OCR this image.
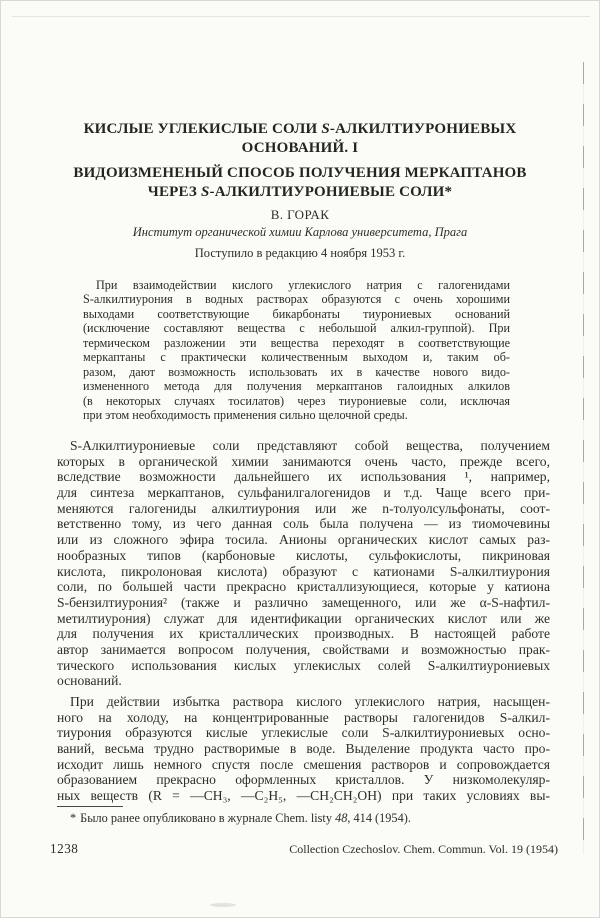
КИСЛЫЕ УГЛЕКИСЛЫЕ СОЛИ S-АЛКИЛТИУРОНИЕВЫХ
ОСНОВАНИЙ. I
ВИДОИЗМЕНЕНЫЙ СПОСОБ ПОЛУЧЕНИЯ МЕРКАПТАНОВ
ЧЕРЕЗ S-АЛКИЛТИУРОНИЕВЫЕ СОЛИ*
В. ГОРАК
Институт органической химии Карлова университета, Прага
Поступило в редакцию 4 ноября 1953 г.
При взаимодействии кислого углекислого натрия с галогенидами
S-алкилтиурония в водных растворах образуются с очень хорошими
выходами соответствующие бикарбонаты тиурониевых оснований
(исключение составляют вещества с небольшой алкил-группой). При
термическом разложении эти вещества переходят в соответствующие
меркаптаны с практически количественным выходом и, таким об-
разом, дают возможность использовать их в качестве нового видо-
измененного метода для получения меркаптанов галоидных алкилов
(в некоторых случаях тосилатов) через тиурониевые соли, исключая
при этом необходимость применения сильно щелочной среды.
S-Алкилтиурониевые соли представляют собой вещества, получением
которых в органической химии занимаются очень часто, прежде всего,
вследствие возможности дальнейшего их использования ¹, например,
для синтеза меркаптанов, сульфанилгалогенидов и т.д. Чаще всего при-
меняются галогениды алкилтиурония или же n-толуолсульфонаты, соот-
ветственно тому, из чего данная соль была получена — из тиомочевины
или из сложного эфира тосила. Анионы органических кислот самых раз-
нообразных типов (карбоновые кислоты, сульфокислоты, пикриновая
кислота, пикролоновая кислота) образуют с катионами S-алкилтиурония
соли, по большей части прекрасно кристаллизующиеся, которые у катиона
S-бензилтиурония² (также и различно замещенного, или же α-S-нафтил-
метилтиурония) служат для идентификации органических кислот или же
для получения их кристаллических производных. В настоящей работе
автор занимается вопросом получения, свойствами и возможностью прак-
тического использования кислых углекислых солей S-алкилтиурониевых
оснований.
При действии избытка раствора кислого углекислого натрия, насыщен-
ного на холоду, на концентрированные растворы галогенидов S-алкил-
тиурония образуются кислые углекислые соли S-алкилтиурониевых осно-
ваний, весьма трудно растворимые в воде. Выделение продукта часто про-
исходит лишь немного спустя после смешения растворов и сопровождается
образованием прекрасно оформленных кристаллов. У низкомолекуляр-
ных веществ (R = —CH₃, —C₂H₅, —CH₂CH₂OH) при таких условиях вы-
* Было ранее опубликовано в журнале Chem. listy 48, 414 (1954).
1238	Collection Czechoslov. Chem. Commun. Vol. 19 (1954)
